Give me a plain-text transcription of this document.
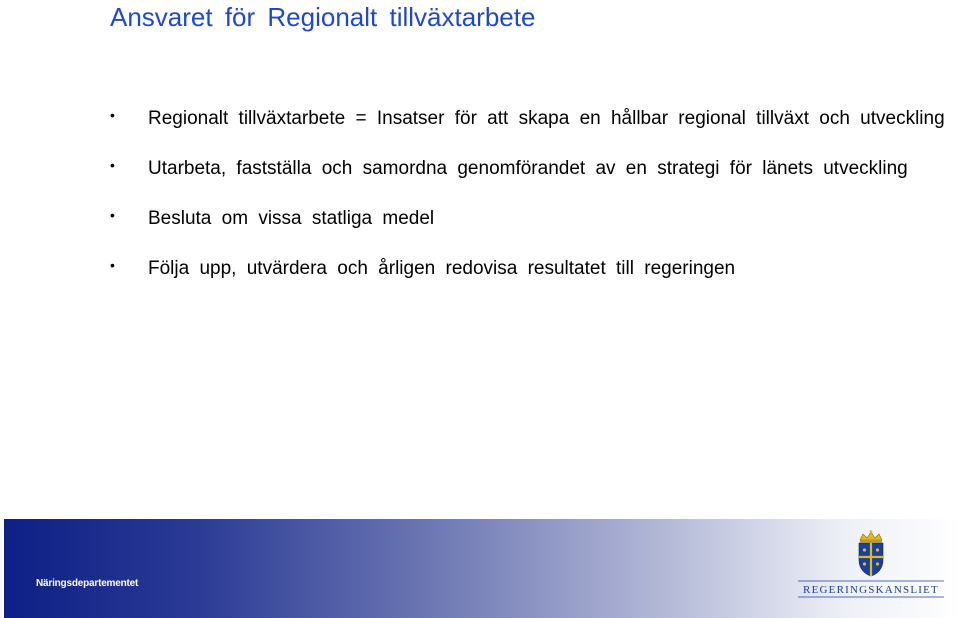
Ansvaret för Regionalt tillväxtarbete
• Regionalt tillväxtarbete = Insatser för att skapa en hållbar regional tillväxt och utveckling
• Utarbeta, fastställa och samordna genomförandet av en strategi för länets utveckling
• Besluta om vissa statliga medel
• Följa upp, utvärdera och årligen redovisa resultatet till regeringen
Näringsdepartementet
REGERINGSKANSLIET
